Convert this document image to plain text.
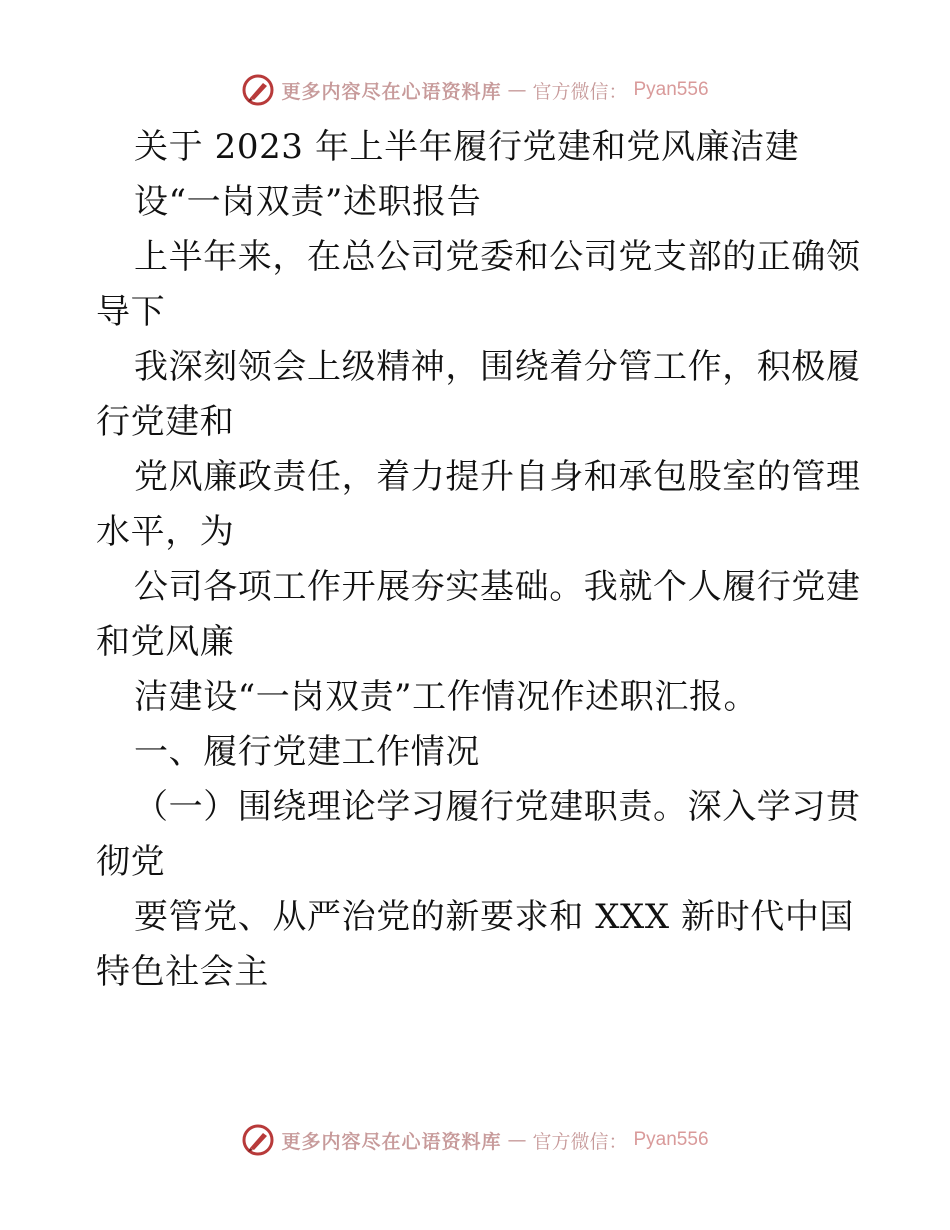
更多内容尽在心语资料库 — 官方微信： Pyan556
关于 2023 年上半年履行党建和党风廉洁建
设“一岗双责”述职报告
上半年来，在总公司党委和公司党支部的正确领
导下
我深刻领会上级精神，围绕着分管工作，积极履
行党建和
党风廉政责任，着力提升自身和承包股室的管理
水平，为
公司各项工作开展夯实基础。我就个人履行党建
和党风廉
洁建设“一岗双责”工作情况作述职汇报。
一、履行党建工作情况
（一）围绕理论学习履行党建职责。深入学习贯
彻党
要管党、从严治党的新要求和 XXX 新时代中国
特色社会主
更多内容尽在心语资料库 — 官方微信： Pyan556
